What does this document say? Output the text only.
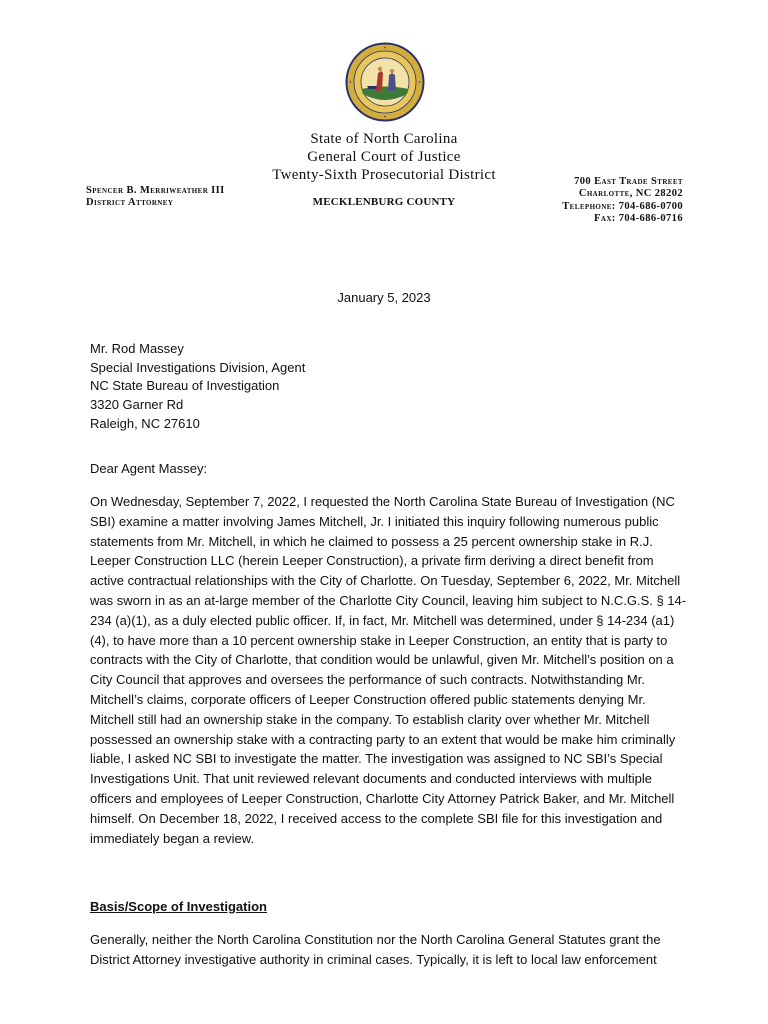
State of North Carolina
General Court of Justice
Twenty-Sixth Prosecutorial District
Spencer B. Merriweather III
District Attorney	MECKLENBURG COUNTY
700 East Trade Street
Charlotte, NC 28202
Telephone: 704-686-0700
Fax: 704-686-0716
January 5, 2023
Mr. Rod Massey
Special Investigations Division, Agent
NC State Bureau of Investigation
3320 Garner Rd
Raleigh, NC 27610
Dear Agent Massey:

On Wednesday, September 7, 2022, I requested the North Carolina State Bureau of Investigation (NC SBI) examine a matter involving James Mitchell, Jr. I initiated this inquiry following numerous public statements from Mr. Mitchell, in which he claimed to possess a 25 percent ownership stake in R.J. Leeper Construction LLC (herein Leeper Construction), a private firm deriving a direct benefit from active contractual relationships with the City of Charlotte. On Tuesday, September 6, 2022, Mr. Mitchell was sworn in as an at-large member of the Charlotte City Council, leaving him subject to N.C.G.S. § 14-234 (a)(1), as a duly elected public officer. If, in fact, Mr. Mitchell was determined, under § 14-234 (a1) (4), to have more than a 10 percent ownership stake in Leeper Construction, an entity that is party to contracts with the City of Charlotte, that condition would be unlawful, given Mr. Mitchell’s position on a City Council that approves and oversees the performance of such contracts. Notwithstanding Mr. Mitchell’s claims, corporate officers of Leeper Construction offered public statements denying Mr. Mitchell still had an ownership stake in the company. To establish clarity over whether Mr. Mitchell possessed an ownership stake with a contracting party to an extent that would be make him criminally liable, I asked NC SBI to investigate the matter. The investigation was assigned to NC SBI’s Special Investigations Unit. That unit reviewed relevant documents and conducted interviews with multiple officers and employees of Leeper Construction, Charlotte City Attorney Patrick Baker, and Mr. Mitchell himself. On December 18, 2022, I received access to the complete SBI file for this investigation and immediately began a review.

Basis/Scope of Investigation

Generally, neither the North Carolina Constitution nor the North Carolina General Statutes grant the District Attorney investigative authority in criminal cases. Typically, it is left to local law enforcement
